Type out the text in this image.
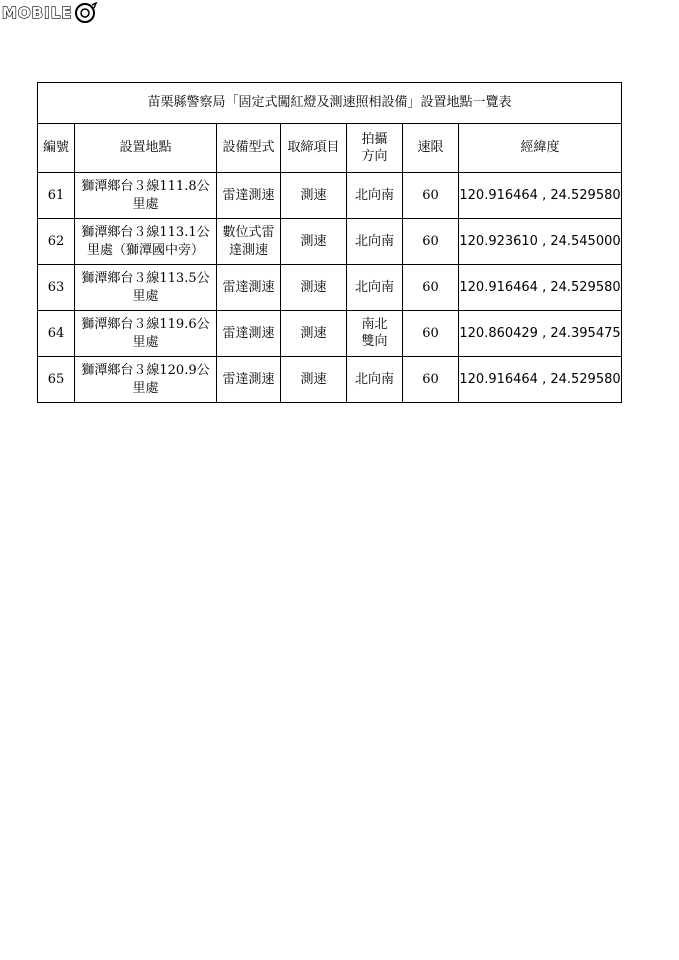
MOBILE
苗栗縣警察局「固定式闖紅燈及測速照相設備」設置地點一覽表						
編號	設置地點	設備型式	取締項目	拍攝方向	速限	經緯度
61	獅潭鄉台３線111.8公里處	雷達測速	測速	北向南	60	120.916464 , 24.529580
62	獅潭鄉台３線113.1公里處（獅潭國中旁）	數位式雷達測速	測速	北向南	60	120.923610 , 24.545000
63	獅潭鄉台３線113.5公里處	雷達測速	測速	北向南	60	120.916464 , 24.529580
64	獅潭鄉台３線119.6公里處	雷達測速	測速	南北雙向	60	120.860429 , 24.395475
65	獅潭鄉台３線120.9公里處	雷達測速	測速	北向南	60	120.916464 , 24.529580
